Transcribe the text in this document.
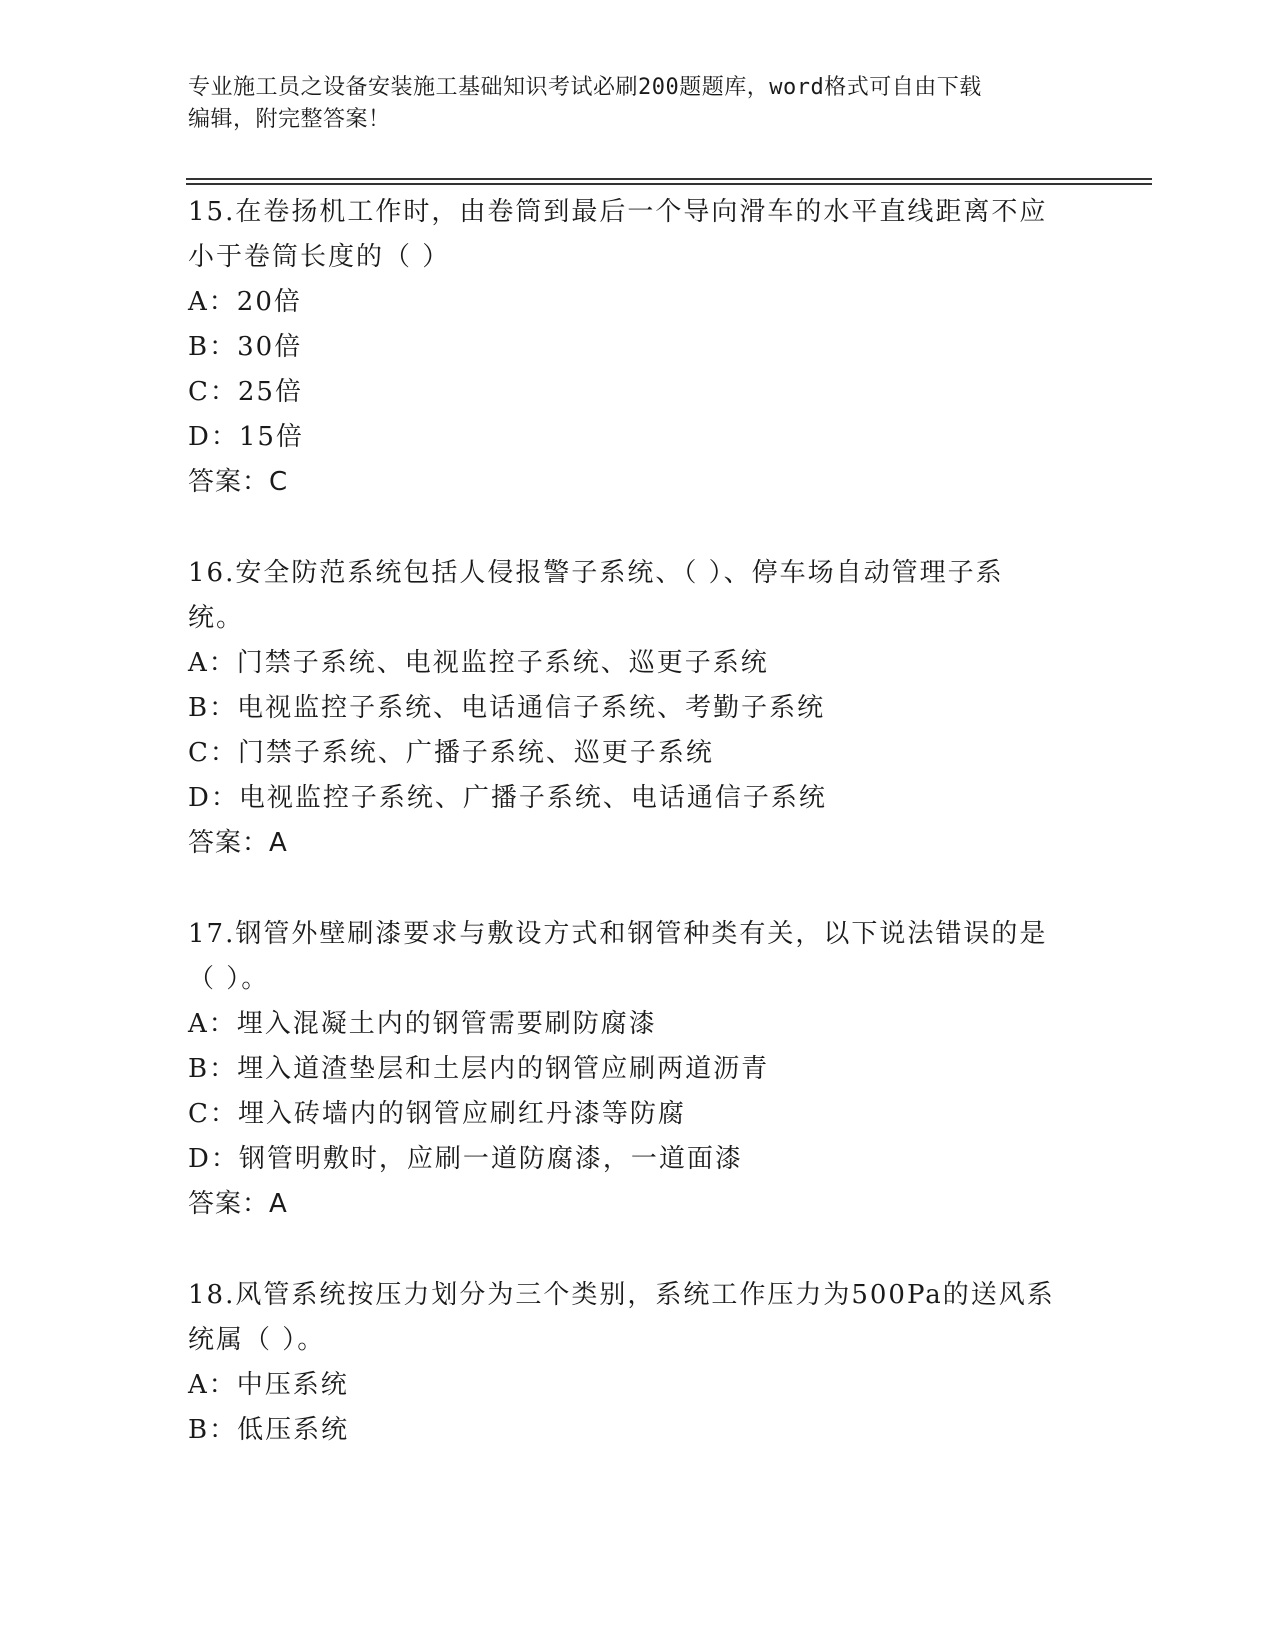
专业施工员之设备安装施工基础知识考试必刷200题题库，word格式可自由下载
编辑，附完整答案！

15.在卷扬机工作时，由卷筒到最后一个导向滑车的水平直线距离不应

小于卷筒长度的（ ）

A：20倍

B：30倍

C：25倍

D：15倍

答案：C

16.安全防范系统包括人侵报警子系统、（ ）、停车场自动管理子系

统。

A：门禁子系统、电视监控子系统、巡更子系统

B：电视监控子系统、电话通信子系统、考勤子系统

C：门禁子系统、广播子系统、巡更子系统

D：电视监控子系统、广播子系统、电话通信子系统

答案：A

17.钢管外壁刷漆要求与敷设方式和钢管种类有关，以下说法错误的是

（ ）。

A：埋入混凝土内的钢管需要刷防腐漆

B：埋入道渣垫层和土层内的钢管应刷两道沥青

C：埋入砖墙内的钢管应刷红丹漆等防腐

D：钢管明敷时，应刷一道防腐漆，一道面漆

答案：A

18.风管系统按压力划分为三个类别，系统工作压力为500Pa的送风系

统属（ ）。

A：中压系统

B：低压系统
